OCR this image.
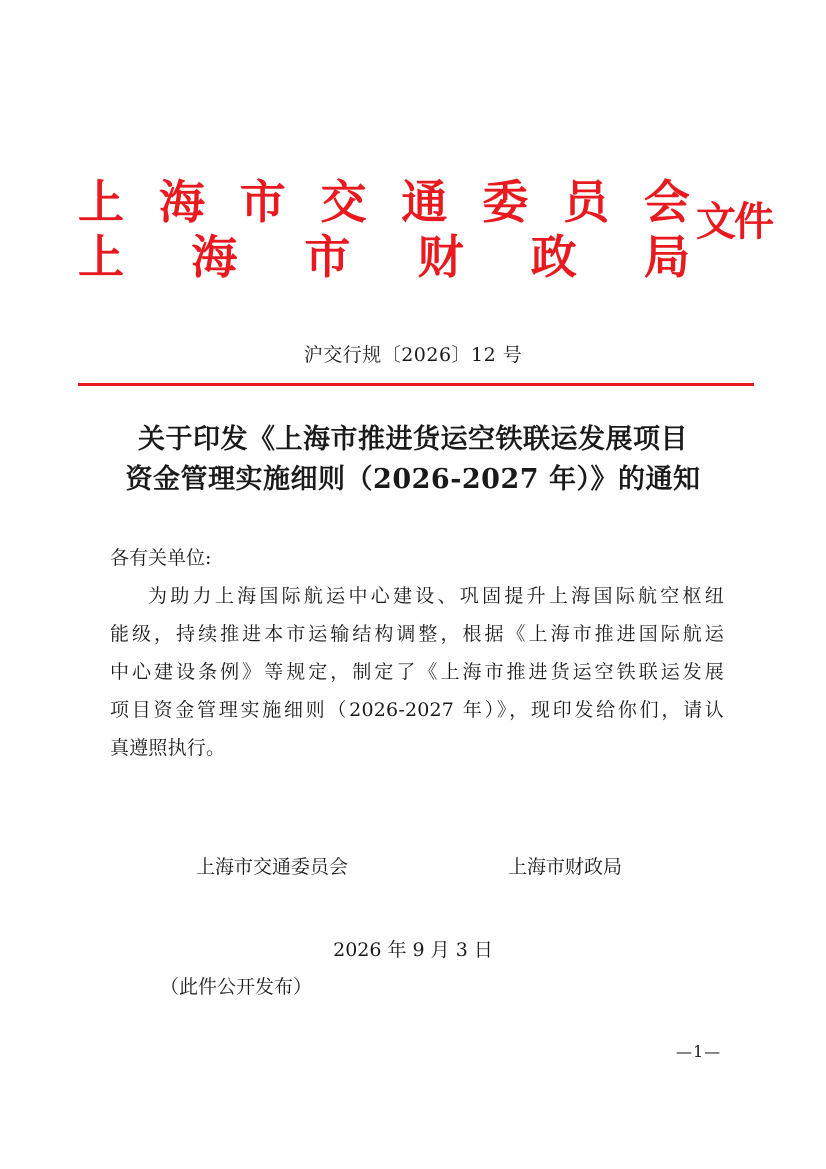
上 海 市 交 通 委 员 会
上 海 市 财 政 局
文件
沪交行规〔2026〕12 号
关于印发《上海市推进货运空铁联运发展项目
资金管理实施细则（2026-2027 年）》的通知
各有关单位:
为助力上海国际航运中心建设、巩固提升上海国际航空枢纽
能级，持续推进本市运输结构调整，根据《上海市推进国际航运
中心建设条例》等规定，制定了《上海市推进货运空铁联运发展
项目资金管理实施细则（2026-2027 年）》，现印发给你们，请认
真遵照执行。
上海市交通委员会	上海市财政局
2026 年 9 月 3 日
（此件公开发布）
—1—
